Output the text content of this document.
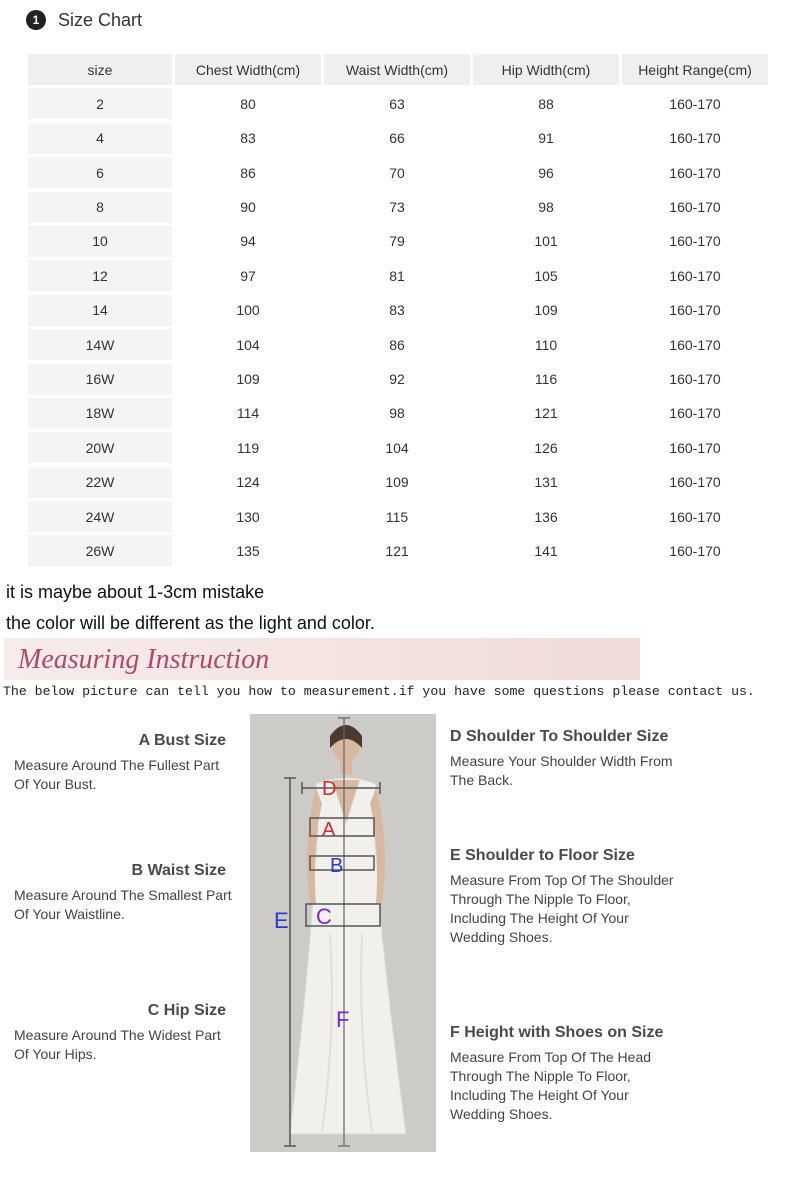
1	Size Chart
size	Chest Width(cm)	Waist Width(cm)	Hip Width(cm)	Height Range(cm)
2	80	63	88	160-170
4	83	66	91	160-170
6	86	70	96	160-170
8	90	73	98	160-170
10	94	79	101	160-170
12	97	81	105	160-170
14	100	83	109	160-170
14W	104	86	110	160-170
16W	109	92	116	160-170
18W	114	98	121	160-170
20W	119	104	126	160-170
22W	124	109	131	160-170
24W	130	115	136	160-170
26W	135	121	141	160-170
it is maybe about 1-3cm mistake
the color will be different as the light and color.
Measuring Instruction
The below picture can tell you how to measurement.if you have some questions please contact us.
A Bust Size
Measure Around The Fullest Part Of Your Bust.
B Waist Size
Measure Around The Smallest Part Of Your Waistline.
C Hip Size
Measure Around The Widest Part Of Your Hips.
D
A
B
C
E
F
D Shoulder To Shoulder Size
Measure Your Shoulder Width From The Back.
E Shoulder to Floor Size
Measure From Top Of The Shoulder Through The Nipple To Floor, Including The Height Of Your Wedding Shoes.
F Height with Shoes on Size
Measure From Top Of The Head Through The Nipple To Floor, Including The Height Of Your Wedding Shoes.
